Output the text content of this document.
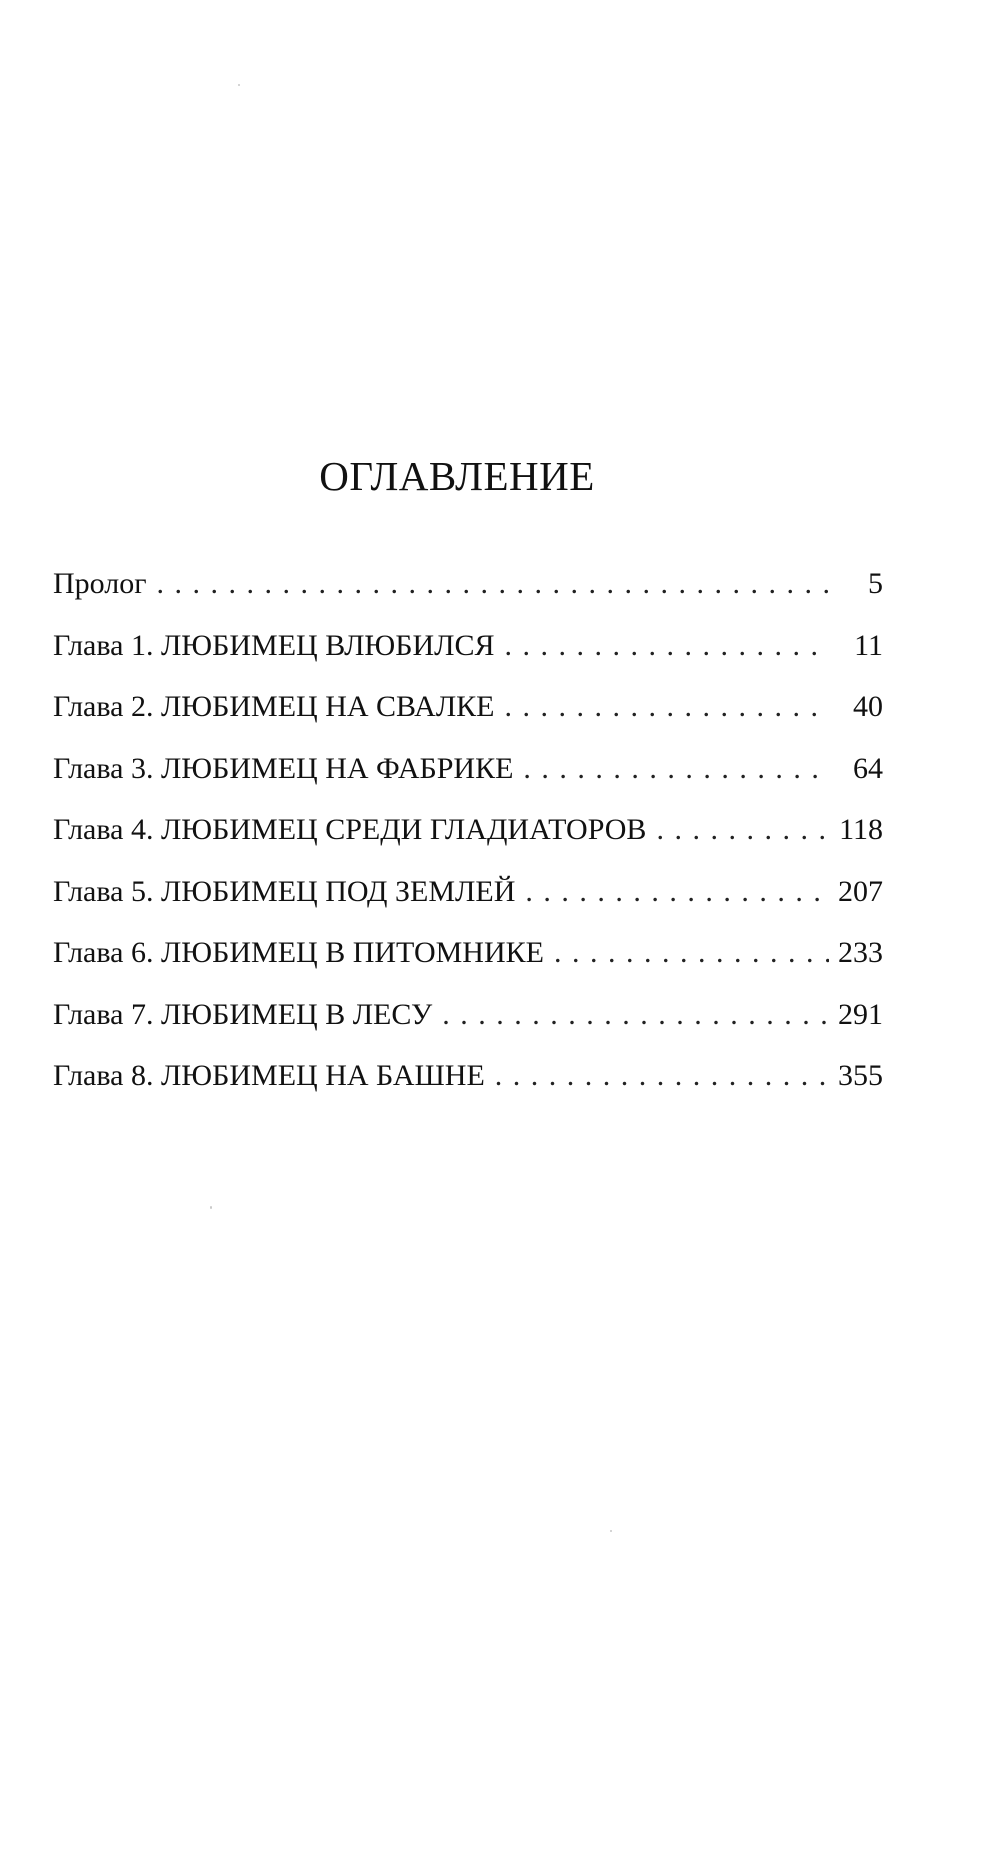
ОГЛАВЛЕНИЕ
Пролог . . .	5
Глава 1. ЛЮБИМЕЦ ВЛЮБИЛСЯ . . .	11
Глава 2. ЛЮБИМЕЦ НА СВАЛКЕ . . .	40
Глава 3. ЛЮБИМЕЦ НА ФАБРИКЕ . . .	64
Глава 4. ЛЮБИМЕЦ СРЕДИ ГЛАДИАТОРОВ . . .	118
Глава 5. ЛЮБИМЕЦ ПОД ЗЕМЛЕЙ . . .	207
Глава 6. ЛЮБИМЕЦ В ПИТОМНИКЕ . . .	233
Глава 7. ЛЮБИМЕЦ В ЛЕСУ . . .	291
Глава 8. ЛЮБИМЕЦ НА БАШНЕ . . .	355
